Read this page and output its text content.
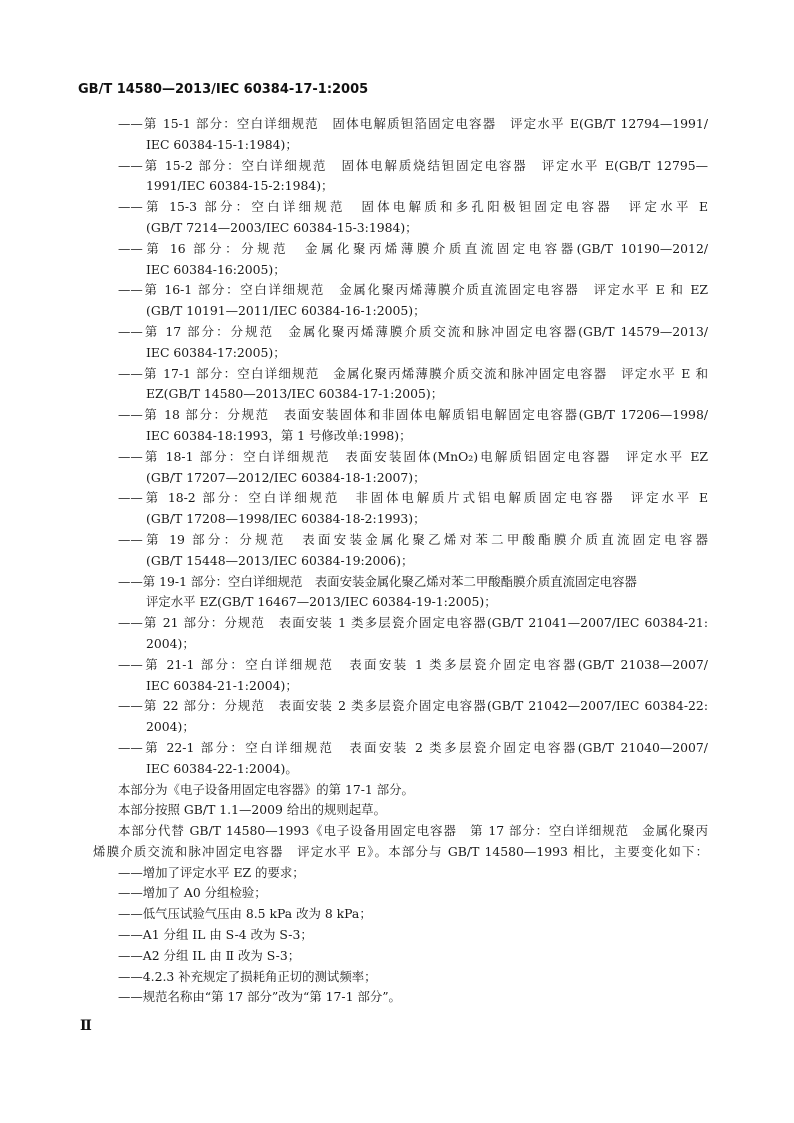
GB/T 14580—2013/IEC 60384-17-1:2005
——第 15-1 部分：空白详细规范　固体电解质钽箔固定电容器　评定水平 E(GB/T 12794—1991/
IEC 60384-15-1:1984)；
——第 15-2 部分：空白详细规范　固体电解质烧结钽固定电容器　评定水平 E(GB/T 12795—
1991/IEC 60384-15-2:1984)；
——第 15-3 部分：空白详细规范　固体电解质和多孔阳极钽固定电容器　评定水平 E
(GB/T 7214—2003/IEC 60384-15-3:1984)；
——第 16 部分：分规范　金属化聚丙烯薄膜介质直流固定电容器(GB/T 10190—2012/
IEC 60384-16:2005)；
——第 16-1 部分：空白详细规范　金属化聚丙烯薄膜介质直流固定电容器　评定水平 E 和 EZ
(GB/T 10191—2011/IEC 60384-16-1:2005)；
——第 17 部分：分规范　金属化聚丙烯薄膜介质交流和脉冲固定电容器(GB/T 14579—2013/
IEC 60384-17:2005)；
——第 17-1 部分：空白详细规范　金属化聚丙烯薄膜介质交流和脉冲固定电容器　评定水平 E 和
EZ(GB/T 14580—2013/IEC 60384-17-1:2005)；
——第 18 部分：分规范　表面安装固体和非固体电解质铝电解固定电容器(GB/T 17206—1998/
IEC 60384-18:1993，第 1 号修改单:1998)；
——第 18-1 部分：空白详细规范　表面安装固体(MnO₂)电解质铝固定电容器　评定水平 EZ
(GB/T 17207—2012/IEC 60384-18-1:2007)；
——第 18-2 部分：空白详细规范　非固体电解质片式铝电解质固定电容器　评定水平 E
(GB/T 17208—1998/IEC 60384-18-2:1993)；
——第 19 部分：分规范　表面安装金属化聚乙烯对苯二甲酸酯膜介质直流固定电容器
(GB/T 15448—2013/IEC 60384-19:2006)；
——第 19-1 部分：空白详细规范　表面安装金属化聚乙烯对苯二甲酸酯膜介质直流固定电容器
评定水平 EZ(GB/T 16467—2013/IEC 60384-19-1:2005)；
——第 21 部分：分规范　表面安装 1 类多层瓷介固定电容器(GB/T 21041—2007/IEC 60384-21:
2004)；
——第 21-1 部分：空白详细规范　表面安装 1 类多层瓷介固定电容器(GB/T 21038—2007/
IEC 60384-21-1:2004)；
——第 22 部分：分规范　表面安装 2 类多层瓷介固定电容器(GB/T 21042—2007/IEC 60384-22:
2004)；
——第 22-1 部分：空白详细规范　表面安装 2 类多层瓷介固定电容器(GB/T 21040—2007/
IEC 60384-22-1:2004)。
本部分为《电子设备用固定电容器》的第 17-1 部分。
本部分按照 GB/T 1.1—2009 给出的规则起草。
本部分代替 GB/T 14580—1993《电子设备用固定电容器　第 17 部分：空白详细规范　金属化聚丙
烯膜介质交流和脉冲固定电容器　评定水平 E》。本部分与 GB/T 14580—1993 相比，主要变化如下：
——增加了评定水平 EZ 的要求；
——增加了 A0 分组检验；
——低气压试验气压由 8.5 kPa 改为 8 kPa；
——A1 分组 IL 由 S-4 改为 S-3；
——A2 分组 IL 由 Ⅱ 改为 S-3；
——4.2.3 补充规定了损耗角正切的测试频率；
——规范名称由“第 17 部分”改为“第 17-1 部分”。
Ⅱ
